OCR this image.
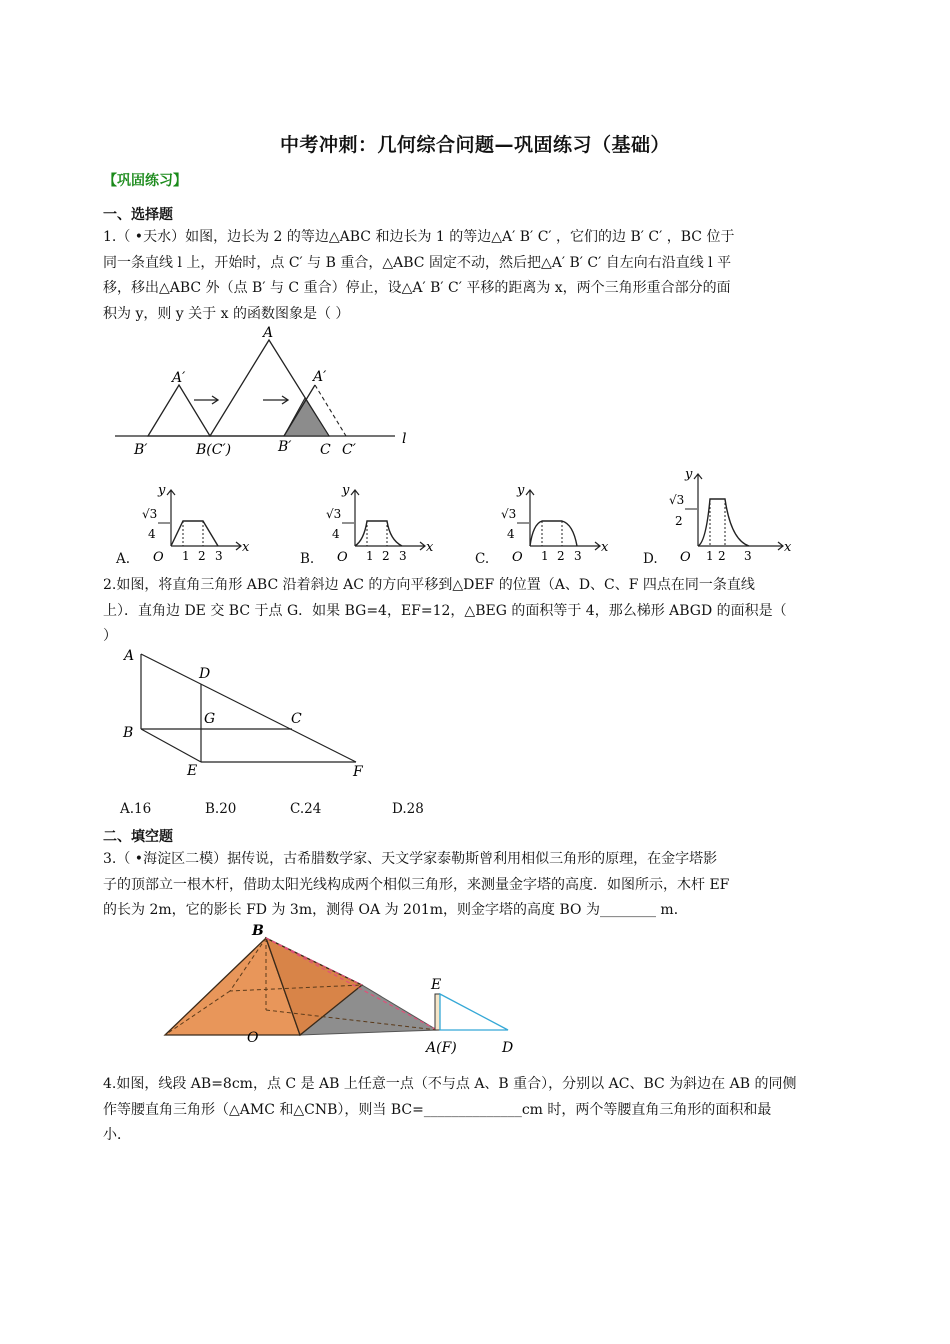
中考冲刺：几何综合问题—巩固练习（基础）
【巩固练习】
一、选择题
1.（ •天水）如图，边长为 2 的等边△ABC 和边长为 1 的等边△A′ B′ C′ ，它们的边 B′ C′ ，BC 位于
同一条直线 l 上，开始时，点 C′ 与 B 重合，△ABC 固定不动，然后把△A′ B′ C′ 自左向右沿直线 l 平
移，移出△ABC 外（点 B′ 与 C 重合）停止，设△A′ B′ C′ 平移的距离为 x，两个三角形重合部分的面
积为 y，则 y 关于 x 的函数图象是（ ）
A
A′	A′
B′	B(C′)	B′ C C′
l
A.
y
x
O 1 2 3
√3
4
B.
y
x
O 1 2 3
√3
4
C.
y
x
O 1 2 3
√3
4
D.
y
x
O 1 2 3
√3
2
2.如图，将直角三角形 ABC 沿着斜边 AC 的方向平移到△DEF 的位置（A、D、C、F 四点在同一条直线
上）．直角边 DE 交 BC 于点 G．如果 BG=4，EF=12，△BEG 的面积等于 4，那么梯形 ABGD 的面积是（
）
A
D
G	C
B
E	F
A.16	B.20	C.24	D.28
二、填空题
3.（ •海淀区二模）据传说，古希腊数学家、天文学家泰勒斯曾利用相似三角形的原理，在金字塔影
子的顶部立一根木杆，借助太阳光线构成两个相似三角形，来测量金字塔的高度．如图所示，木杆 EF
的长为 2m，它的影长 FD 为 3m，测得 OA 为 201m，则金字塔的高度 BO 为________ m．
B
O
E
A(F)	D
4.如图，线段 AB=8cm，点 C 是 AB 上任意一点（不与点 A、B 重合），分别以 AC、BC 为斜边在 AB 的同侧
作等腰直角三角形（△AMC 和△CNB），则当 BC=______________cm 时，两个等腰直角三角形的面积和最
小．
